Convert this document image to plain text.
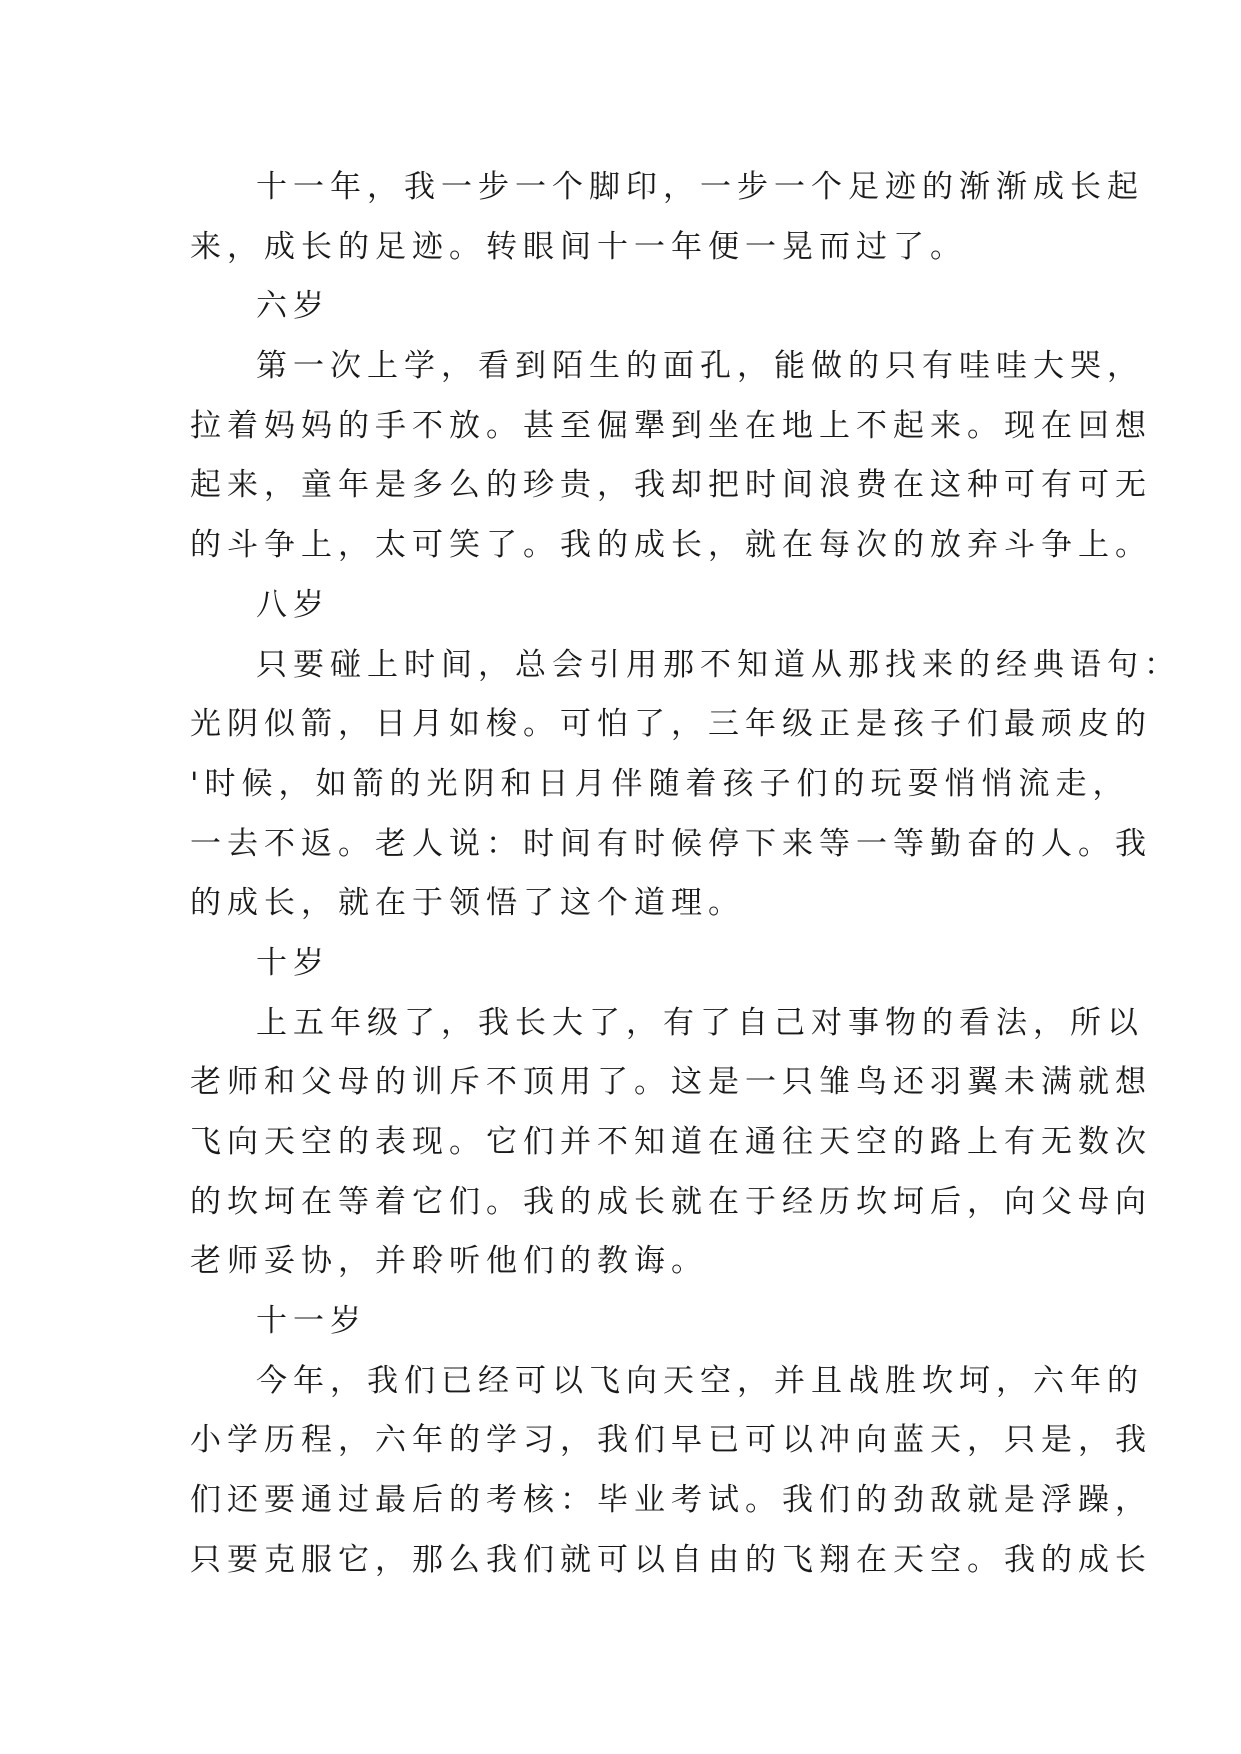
十一年，我一步一个脚印，一步一个足迹的渐渐成长起
来，成长的足迹。转眼间十一年便一晃而过了。
六岁
第一次上学，看到陌生的面孔，能做的只有哇哇大哭，
拉着妈妈的手不放。甚至倔犟到坐在地上不起来。现在回想
起来，童年是多么的珍贵，我却把时间浪费在这种可有可无
的斗争上，太可笑了。我的成长，就在每次的放弃斗争上。
八岁
只要碰上时间，总会引用那不知道从那找来的经典语句：
光阴似箭，日月如梭。可怕了，三年级正是孩子们最顽皮的
'时候，如箭的光阴和日月伴随着孩子们的玩耍悄悄流走，
一去不返。老人说：时间有时候停下来等一等勤奋的人。我
的成长，就在于领悟了这个道理。
十岁
上五年级了，我长大了，有了自己对事物的看法，所以
老师和父母的训斥不顶用了。这是一只雏鸟还羽翼未满就想
飞向天空的表现。它们并不知道在通往天空的路上有无数次
的坎坷在等着它们。我的成长就在于经历坎坷后，向父母向
老师妥协，并聆听他们的教诲。
十一岁
今年，我们已经可以飞向天空，并且战胜坎坷，六年的
小学历程，六年的学习，我们早已可以冲向蓝天，只是，我
们还要通过最后的考核：毕业考试。我们的劲敌就是浮躁，
只要克服它，那么我们就可以自由的飞翔在天空。我的成长
